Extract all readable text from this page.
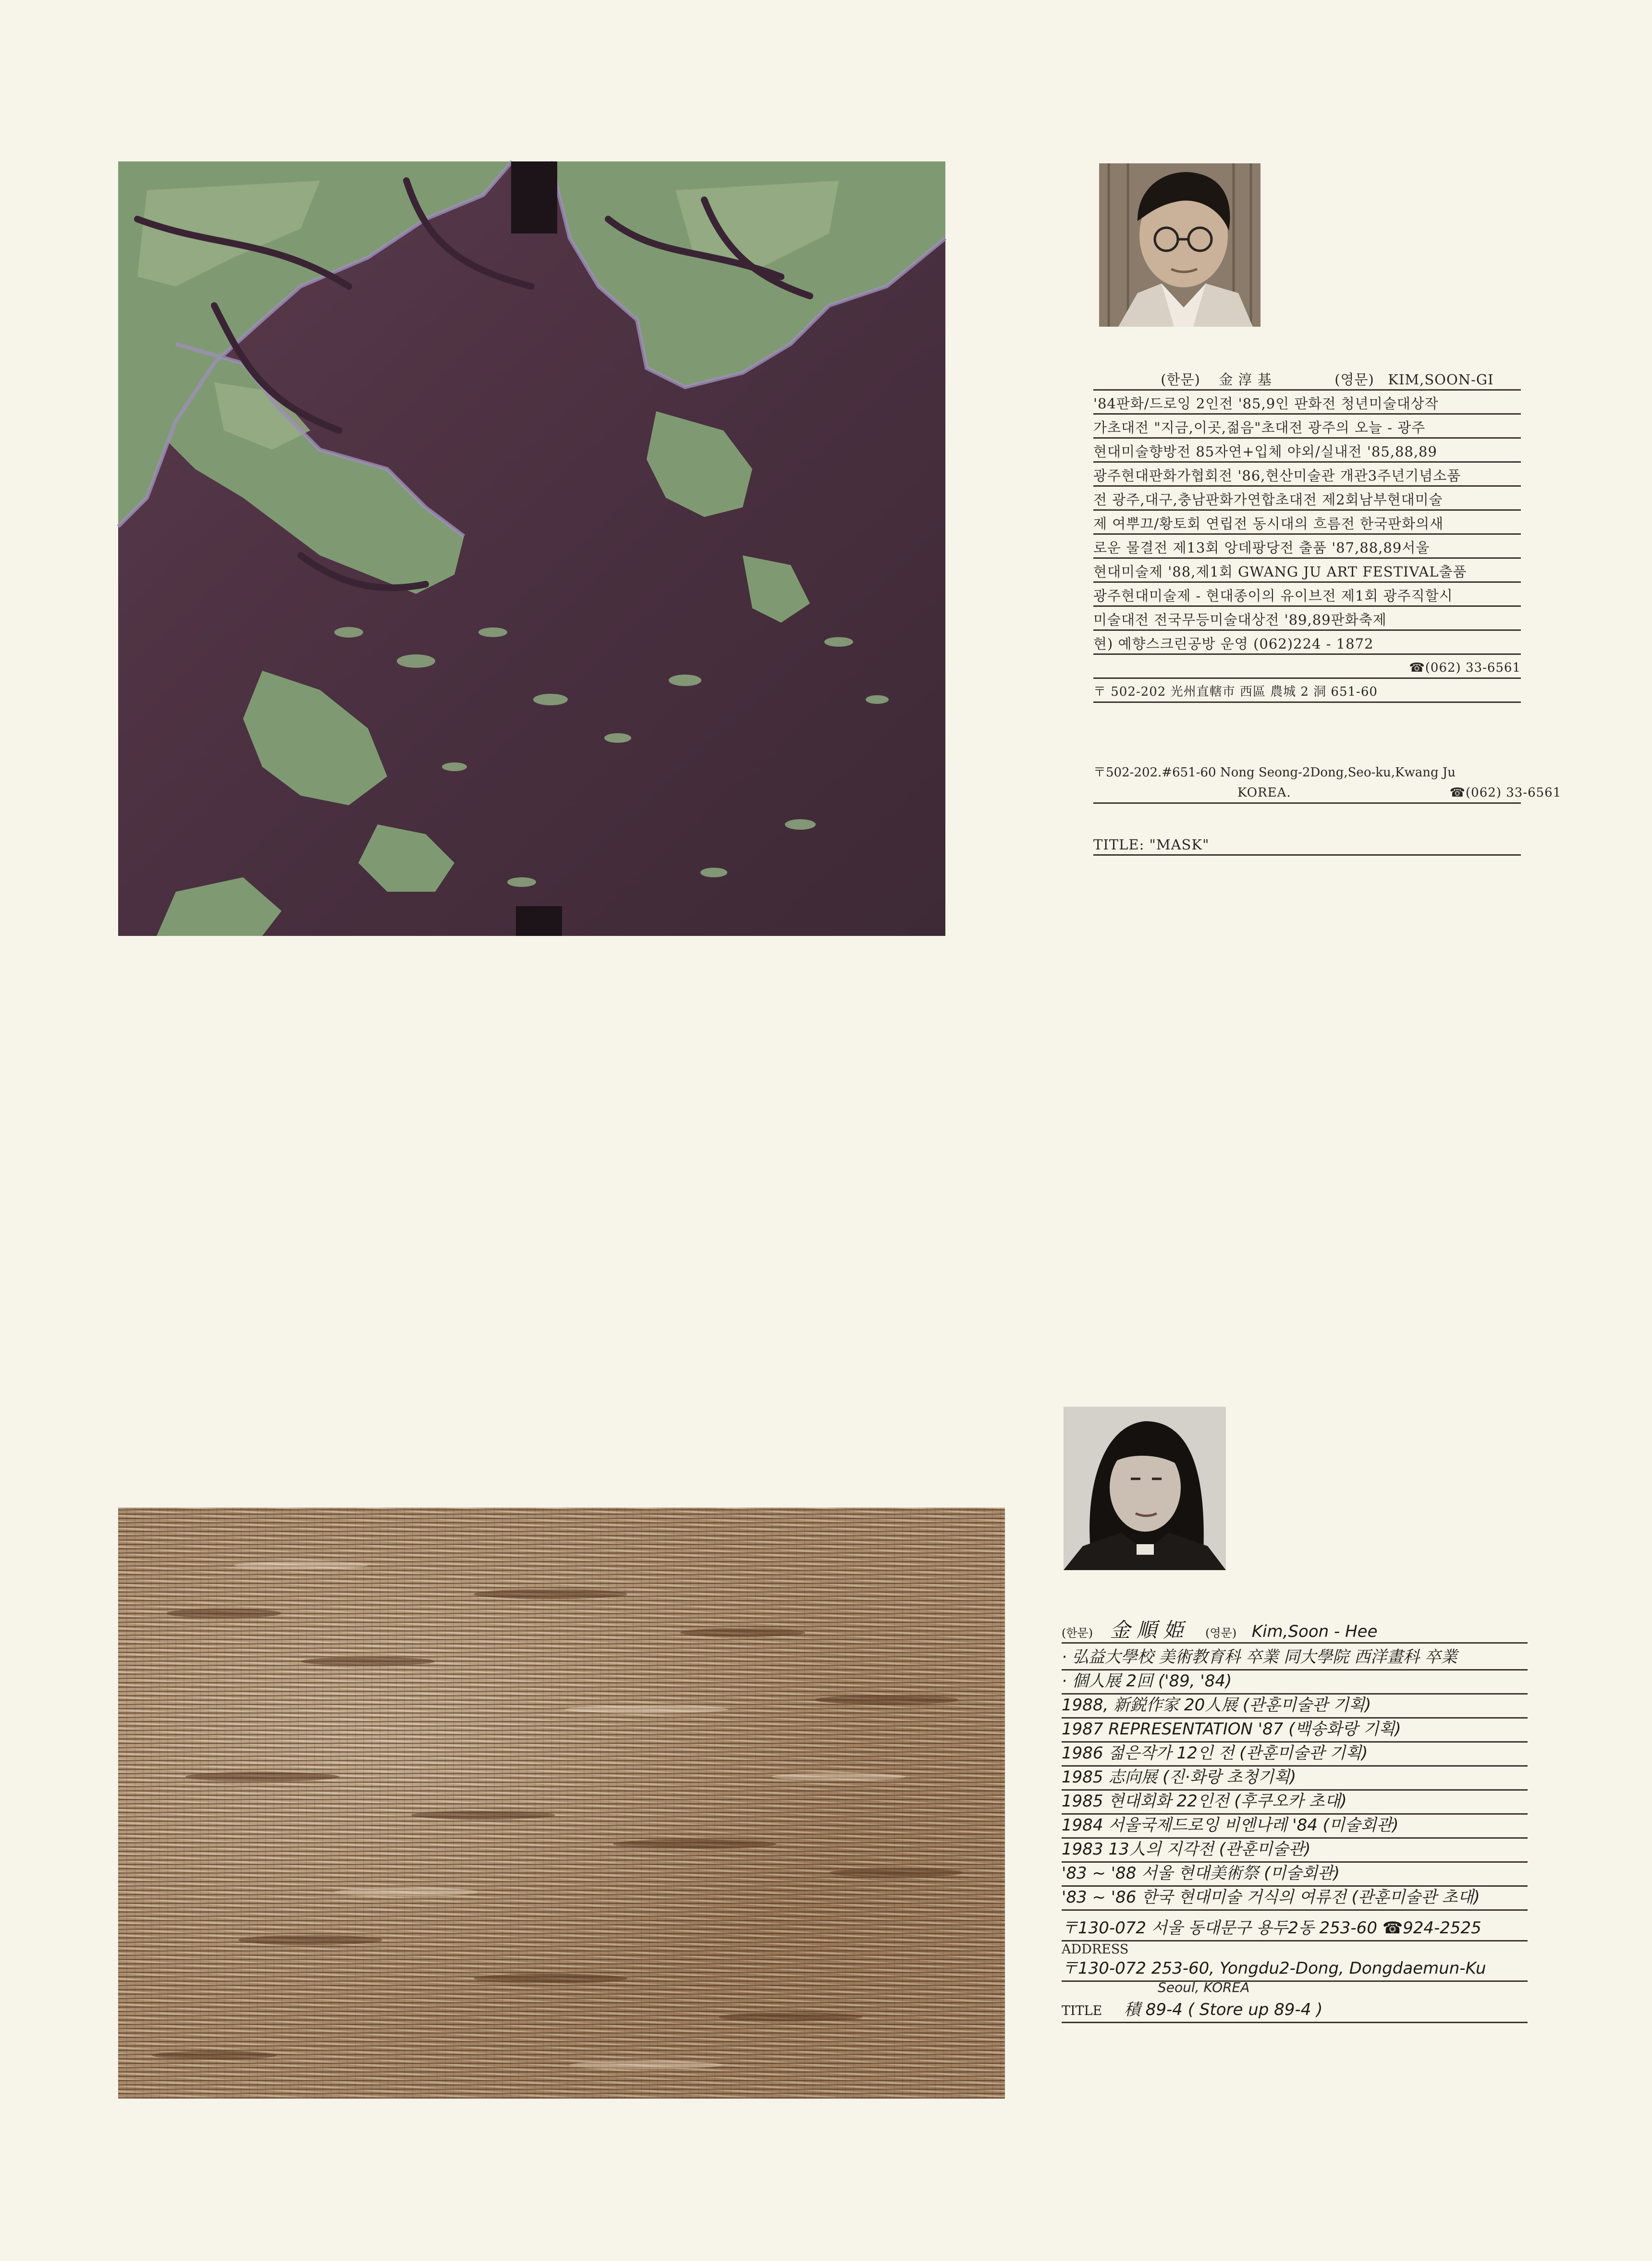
(한문) 金 淳 基	(영문) KIM,SOON-GI
'84판화/드로잉 2인전 '85,9인 판화전 청년미술대상작
가초대전 "지금,이곳,젊음"초대전 광주의 오늘 - 광주
현대미술향방전 85자연+입체 야외/실내전 '85,88,89
광주현대판화가협회전 '86,현산미술관 개관3주년기념소품
전 광주,대구,충남판화가연합초대전 제2회남부현대미술
제 여뿌끄/황토회 연립전 동시대의 흐름전 한국판화의새
로운 물결전 제13회 앙데팡당전 출품 '87,88,89서울
현대미술제 '88,제1회 GWANG JU ART FESTIVAL출품
광주현대미술제 - 현대종이의 유이브전 제1회 광주직할시
미술대전 전국무등미술대상전 '89,89판화축제
현) 예향스크린공방 운영 (062)224 - 1872
☎(062) 33-6561
〒 502-202 光州直轄市 西區 農城 2 洞 651-60
〒502-202.#651-60 Nong Seong-2Dong,Seo-ku,Kwang Ju
KOREA.	☎(062) 33-6561
TITLE: "MASK"
(한문) 金 順 姫 (영문) Kim,Soon - Hee
· 弘益大學校 美術教育科 卒業 同大學院 西洋畫科 卒業
· 個人展 2回 ('89, '84)
1988, 新鋭作家 20人展 (관훈미술관 기획)
1987 REPRESENTATION '87 (백송화랑 기획)
1986 젊은작가 12인 전 (관훈미술관 기획)
1985 志向展 (진·화랑 초청기획)
1985 현대회화 22인전 (후쿠오카 초대)
1984 서울국제드로잉 비엔나레 '84 (미술회관)
1983 13人의 지각전 (관훈미술관)
'83 ~ '88 서울 현대美術祭 (미술회관)
'83 ~ '86 한국 현대미술 거식의 여류전 (관훈미술관 초대)
〒130-072 서울 동대문구 용두2동 253-60 ☎924-2525
ADDRESS
〒130-072 253-60, Yongdu2-Dong, Dongdaemun-Ku
Seoul, KOREA
TITLE 積 89-4 ( Store up 89-4 )
